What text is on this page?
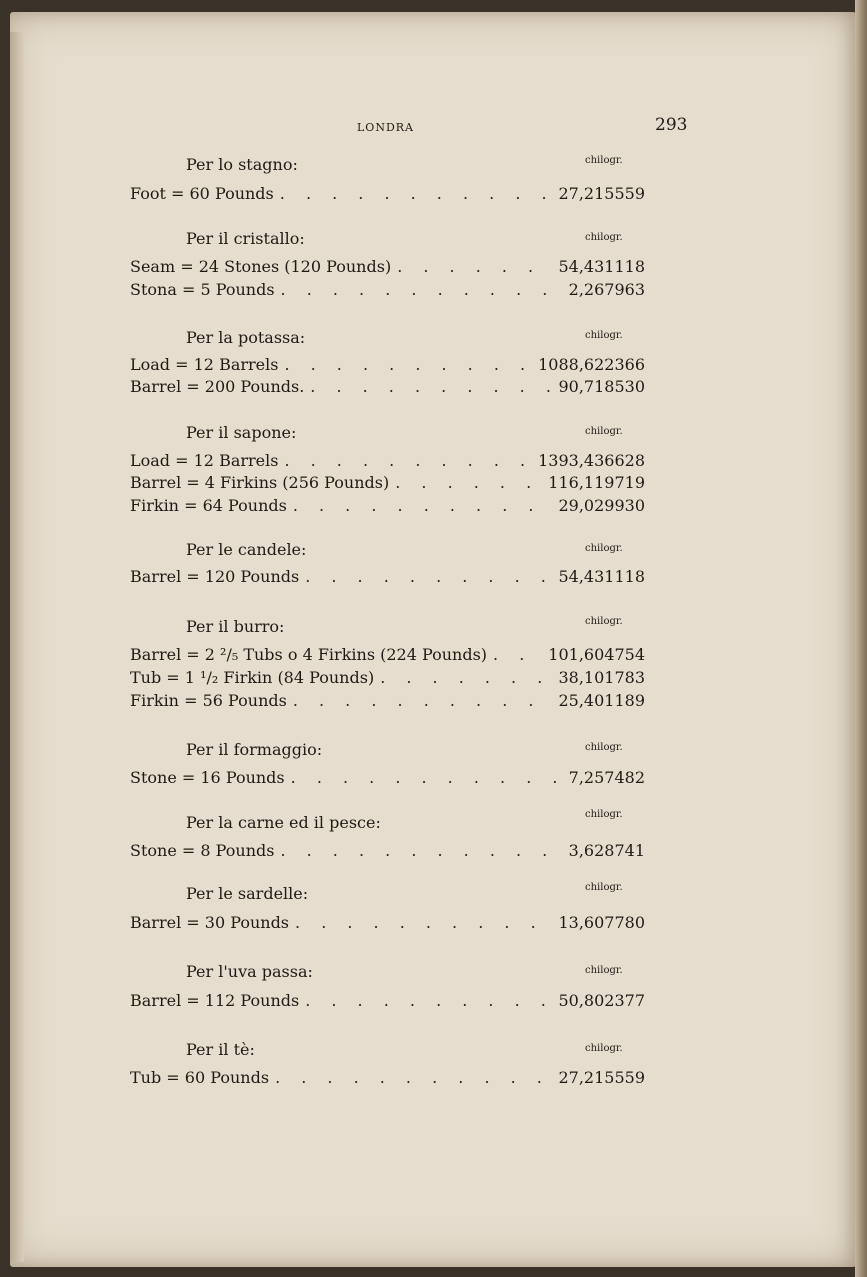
LONDRA	293
Per lo stagno:	chilogr.
Foot = 60 Pounds . . .	27,215559
Per il cristallo:	chilogr.
Seam = 24 Stones (120 Pounds) . . .	54,431118
Stona = 5 Pounds . . .	2,267963
Per la potassa:	chilogr.
Load = 12 Barrels . . .	1088,622366
Barrel = 200 Pounds. . . .	90,718530
Per il sapone:	chilogr.
Load = 12 Barrels . . .	1393,436628
Barrel = 4 Firkins (256 Pounds) . . .	116,119719
Firkin = 64 Pounds . . .	29,029930
Per le candele:	chilogr.
Barrel = 120 Pounds . . .	54,431118
Per il burro:	chilogr.
Barrel = 2 ²/₅ Tubs o 4 Firkins (224 Pounds) . . .	101,604754
Tub = 1 ¹/₂ Firkin (84 Pounds) . . .	38,101783
Firkin = 56 Pounds . . .	25,401189
Per il formaggio:	chilogr.
Stone = 16 Pounds . . .	7,257482
Per la carne ed il pesce:	chilogr.
Stone = 8 Pounds . . .	3,628741
Per le sardelle:	chilogr.
Barrel = 30 Pounds . . .	13,607780
Per l'uva passa:	chilogr.
Barrel = 112 Pounds . . .	50,802377
Per il tè:	chilogr.
Tub = 60 Pounds . . .	27,215559
